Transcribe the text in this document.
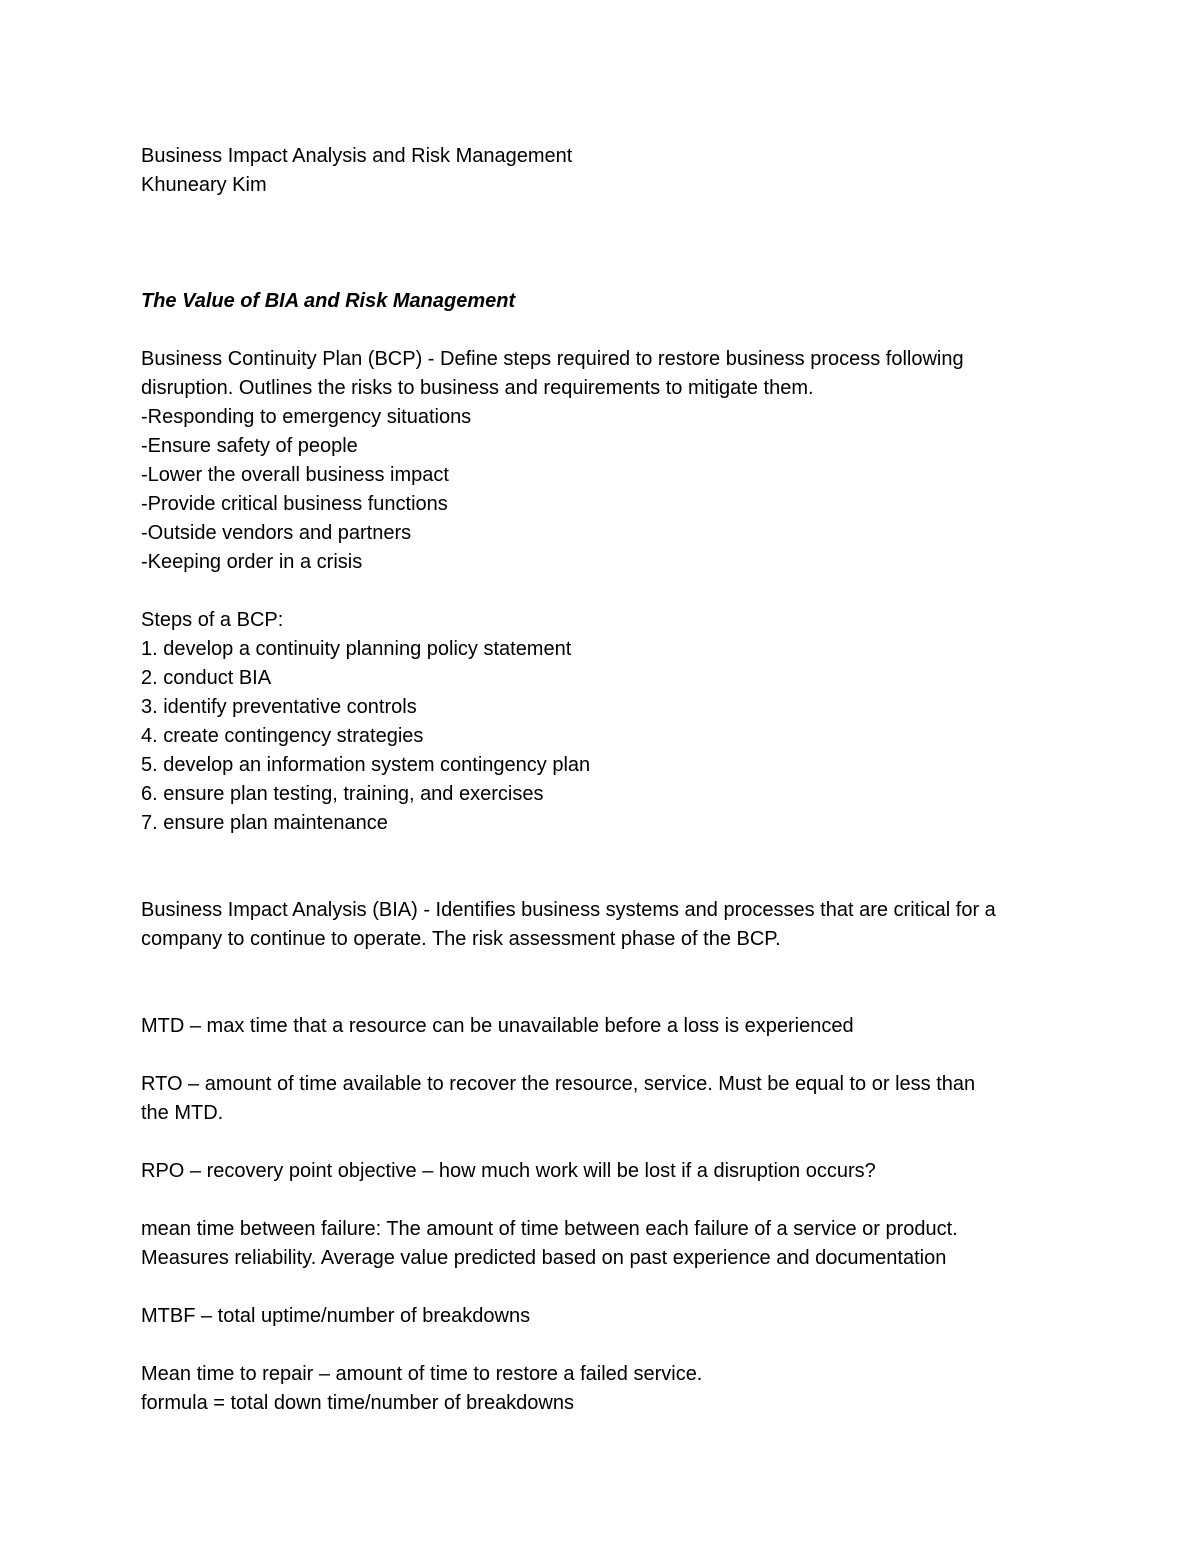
Business Impact Analysis and Risk Management
Khuneary Kim
The Value of BIA and Risk Management
Business Continuity Plan (BCP) - Define steps required to restore business process following
disruption. Outlines the risks to business and requirements to mitigate them.
-Responding to emergency situations
-Ensure safety of people
-Lower the overall business impact
-Provide critical business functions
-Outside vendors and partners
-Keeping order in a crisis
Steps of a BCP:
1. develop a continuity planning policy statement
2. conduct BIA
3. identify preventative controls
4. create contingency strategies
5. develop an information system contingency plan
6. ensure plan testing, training, and exercises
7. ensure plan maintenance
Business Impact Analysis (BIA) - Identifies business systems and processes that are critical for a
company to continue to operate. The risk assessment phase of the BCP.
MTD – max time that a resource can be unavailable before a loss is experienced
RTO – amount of time available to recover the resource, service. Must be equal to or less than
the MTD.
RPO – recovery point objective – how much work will be lost if a disruption occurs?
mean time between failure: The amount of time between each failure of a service or product.
Measures reliability. Average value predicted based on past experience and documentation
MTBF – total uptime/number of breakdowns
Mean time to repair – amount of time to restore a failed service.
formula = total down time/number of breakdowns
